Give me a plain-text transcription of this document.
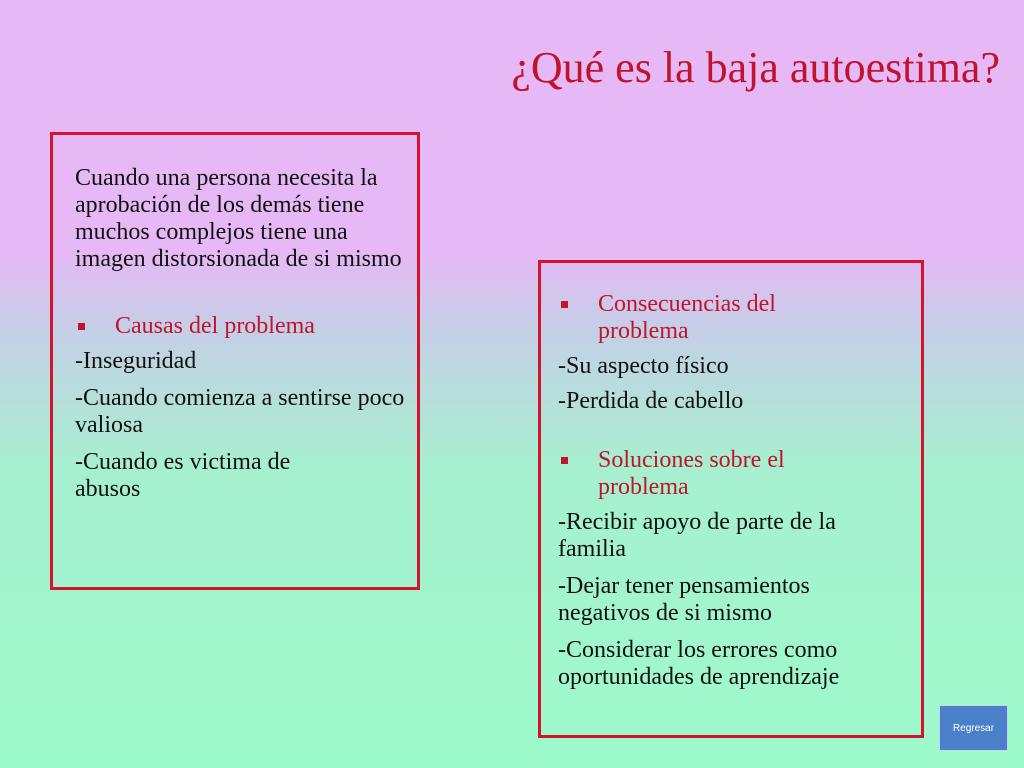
¿Qué es la baja autoestima?
Cuando una persona necesita la aprobación de los demás tiene muchos complejos tiene una imagen distorsionada de si mismo
Causas del problema
-Inseguridad
-Cuando comienza a sentirse poco valiosa
-Cuando es victima de abusos
Consecuencias del problema
-Su aspecto físico
-Perdida de cabello
Soluciones sobre el problema
-Recibir apoyo de parte de la familia
-Dejar tener pensamientos negativos de si mismo
-Considerar los errores como oportunidades de aprendizaje
Regresar
